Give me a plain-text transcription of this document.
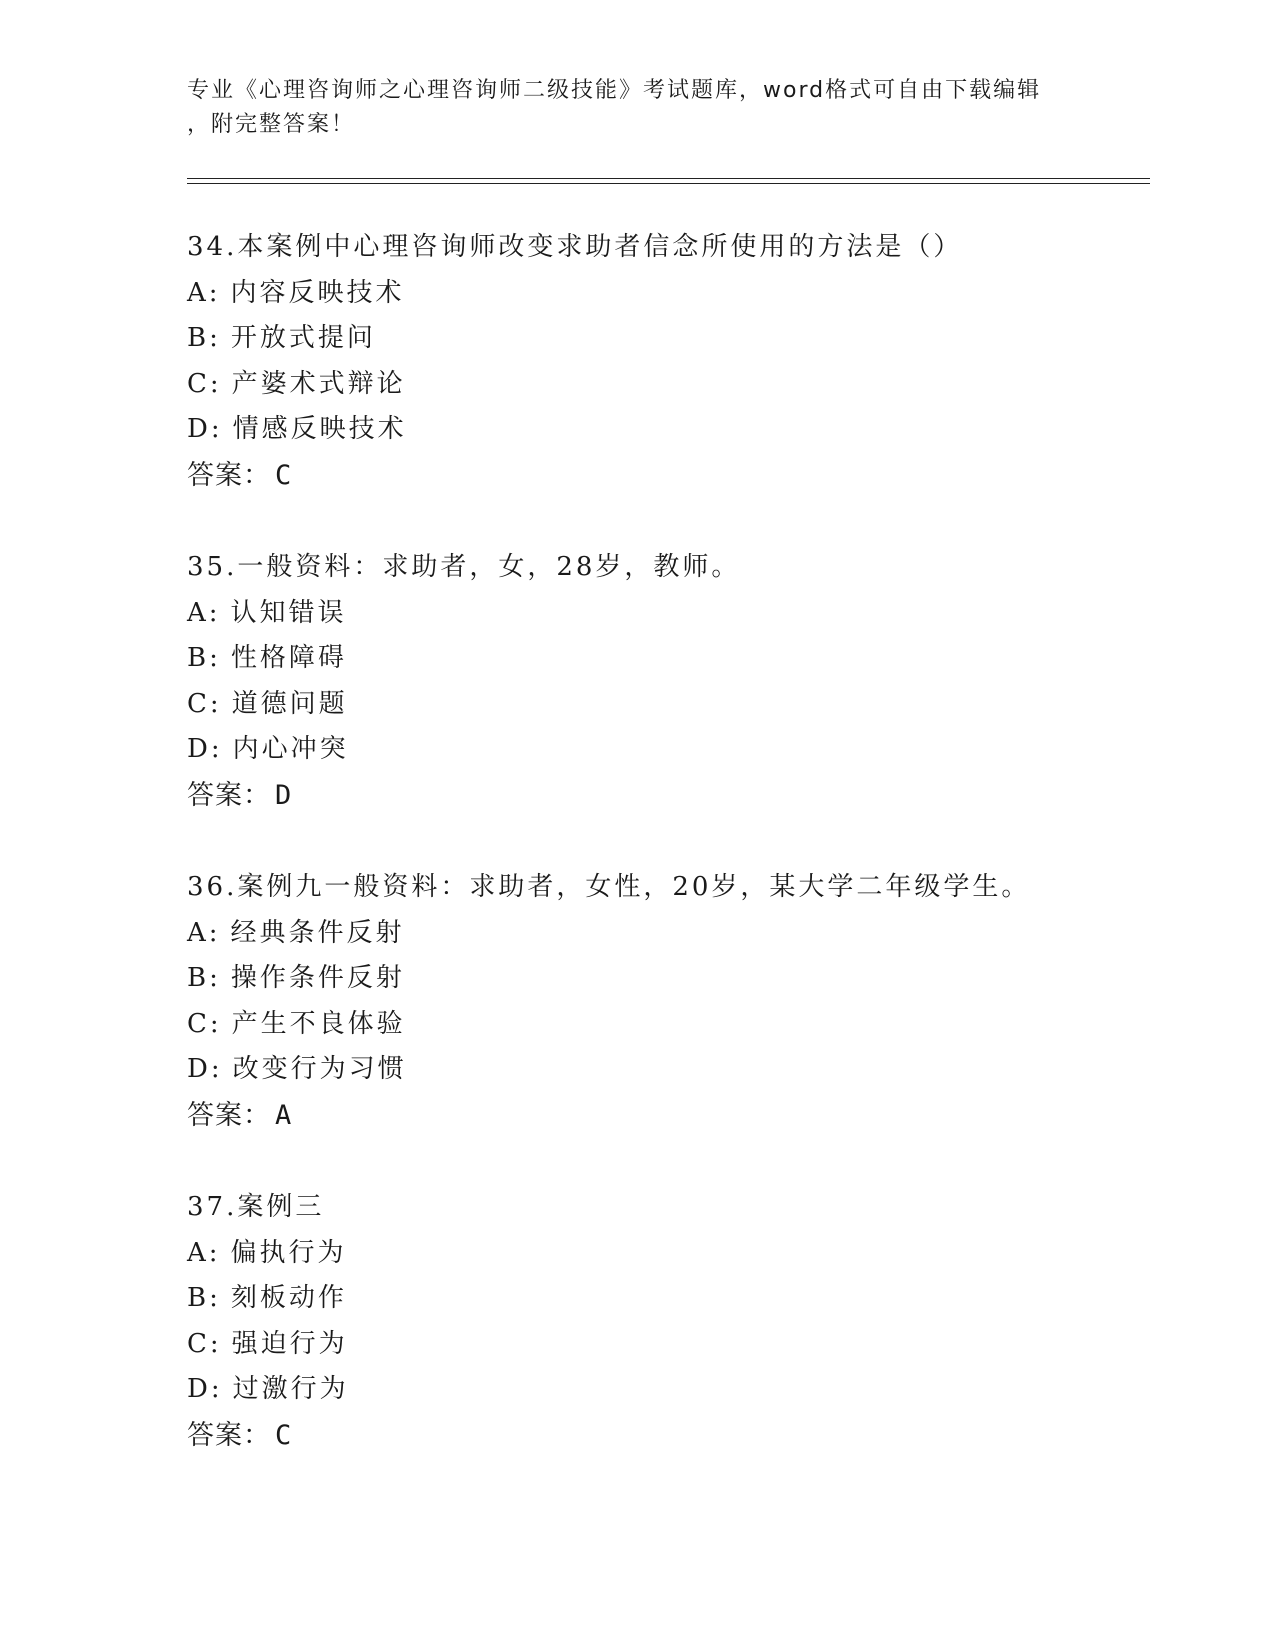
专业《心理咨询师之心理咨询师二级技能》考试题库，word格式可自由下载编辑
，附完整答案！
34.本案例中心理咨询师改变求助者信念所使用的方法是（）
A: 内容反映技术
B: 开放式提问
C: 产婆术式辩论
D: 情感反映技术
答案： C
35.一般资料：求助者，女，28岁，教师。
A: 认知错误
B: 性格障碍
C: 道德问题
D: 内心冲突
答案： D
36.案例九一般资料：求助者，女性，20岁，某大学二年级学生。
A: 经典条件反射
B: 操作条件反射
C: 产生不良体验
D: 改变行为习惯
答案： A
37.案例三
A: 偏执行为
B: 刻板动作
C: 强迫行为
D: 过激行为
答案： C
